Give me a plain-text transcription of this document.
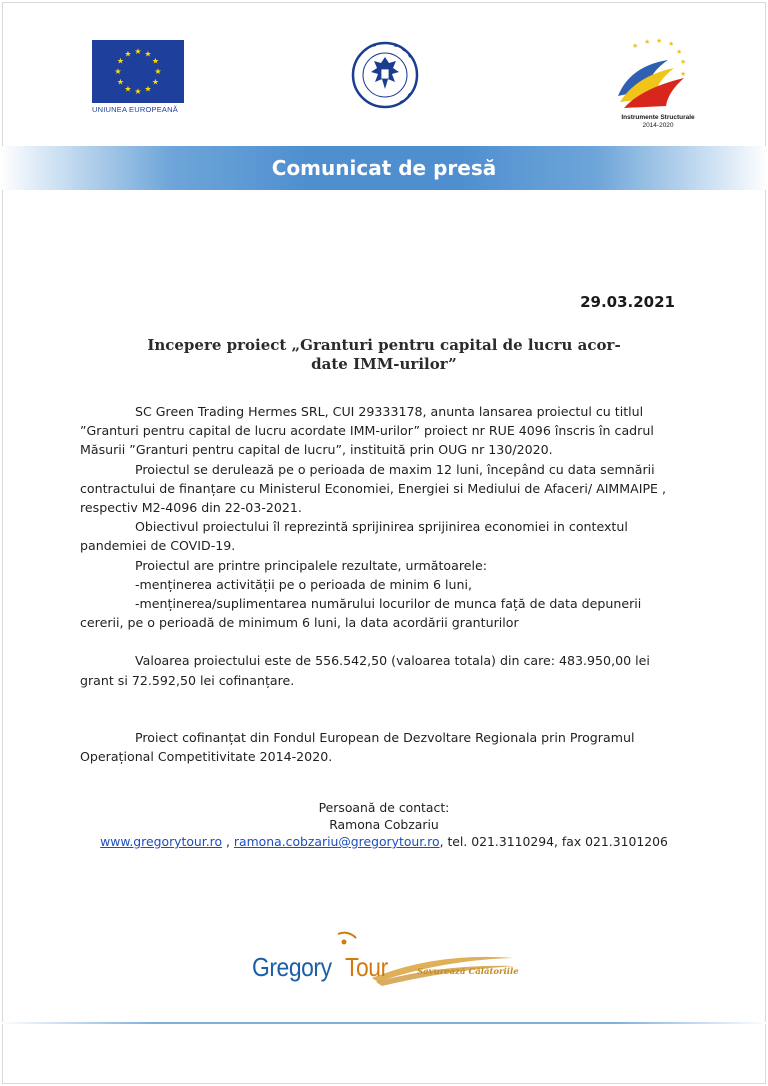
★ ★
★
★
★
★
★
★
★
★
★
★
UNIUNEA EUROPEANĂ
★ ★ ★ ★
★
★
★
Instrumente Structurale
2014-2020
Comunicat de presă
29.03.2021
Incepere proiect „Granturi pentru capital de lucru acor-
date IMM-urilor”

SC Green Trading Hermes SRL, CUI 29333178, anunta lansarea proiectul cu titlul ”Granturi pentru capital de lucru acordate IMM-urilor” proiect nr RUE 4096 înscris în cadrul Măsurii ”Granturi pentru capital de lucru”, instituită prin OUG nr 130/2020.

Proiectul se derulează pe o perioada de maxim 12 luni, începând cu data semnării contractului de finanțare cu Ministerul Economiei, Energiei si Mediului de Afaceri/ AIMMAIPE , respectiv M2-4096 din 22-03-2021.

Obiectivul proiectului îl reprezintă sprijinirea sprijinirea economiei in contextul pandemiei de COVID-19.

Proiectul are printre principalele rezultate, următoarele:

-menținerea activității pe o perioada de minim 6 luni,

-menținerea/suplimentarea numărului locurilor de munca față de data depunerii cererii, pe o perioadă de minimum 6 luni, la data acordării granturilor

Valoarea proiectului este de 556.542,50 (valoarea totala) din care: 483.950,00 lei grant si 72.592,50 lei cofinanțare.

Proiect cofinanțat din Fondul European de Dezvoltare Regionala prin Programul Operațional Competitivitate 2014-2020.

Persoană de contact:
Ramona Cobzariu
www.gregorytour.ro , ramona.cobzariu@gregorytour.ro, tel. 021.3110294, fax 021.3101206
Gregory Tour	Savurează Călătoriile
